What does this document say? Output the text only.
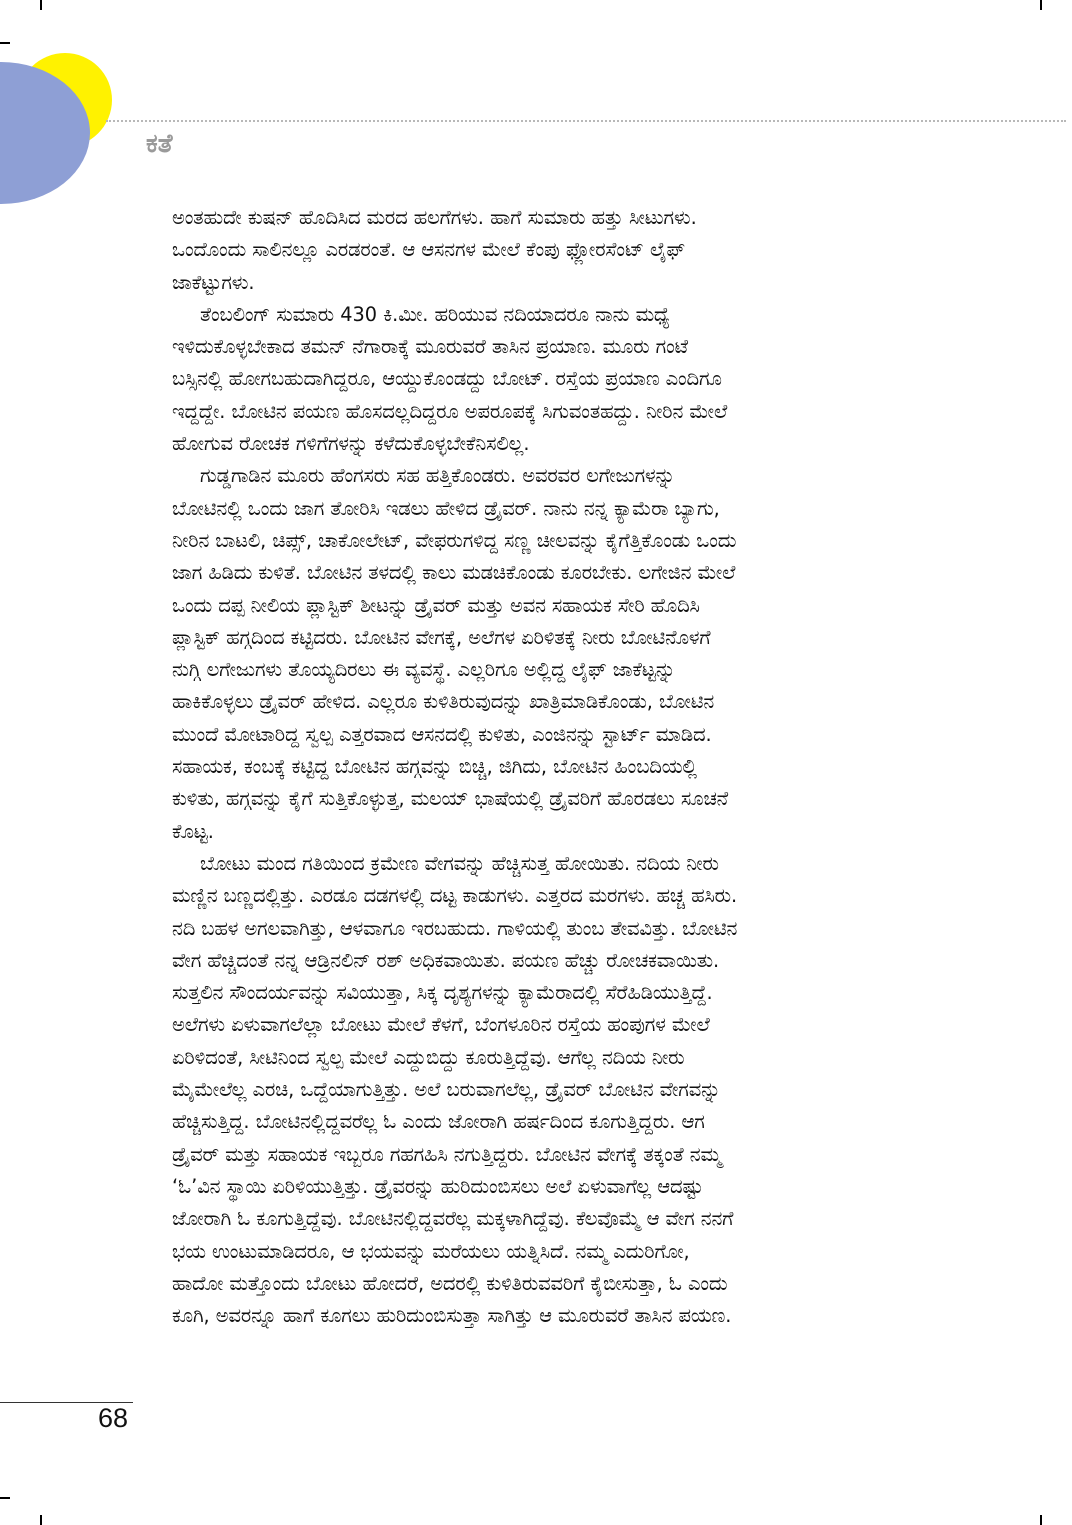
ಕತೆ
ಅಂತಹುದೇ ಕುಷನ್ ಹೊದಿಸಿದ ಮರದ ಹಲಗೆಗಳು. ಹಾಗೆ ಸುಮಾರು ಹತ್ತು ಸೀಟುಗಳು.
ಒಂದೊಂದು ಸಾಲಿನಲ್ಲೂ ಎರಡರಂತೆ. ಆ ಆಸನಗಳ ಮೇಲೆ ಕೆಂಪು ಫ್ಲೋರಸೆಂಟ್ ಲೈಫ್
ಜಾಕೆಟ್ಟುಗಳು.
ತೆಂಬಲಿಂಗ್ ಸುಮಾರು 430 ಕಿ.ಮೀ. ಹರಿಯುವ ನದಿಯಾದರೂ ನಾನು ಮಧ್ಯೆ
ಇಳಿದುಕೊಳ್ಳಬೇಕಾದ ತಮನ್ ನೆಗಾರಾಕ್ಕೆ ಮೂರುವರೆ ತಾಸಿನ ಪ್ರಯಾಣ. ಮೂರು ಗಂಟೆ
ಬಸ್ಸಿನಲ್ಲಿ ಹೋಗಬಹುದಾಗಿದ್ದರೂ, ಆಯ್ದುಕೊಂಡದ್ದು ಬೋಟ್. ರಸ್ತೆಯ ಪ್ರಯಾಣ ಎಂದಿಗೂ
ಇದ್ದದ್ದೇ. ಬೋಟಿನ ಪಯಣ ಹೊಸದಲ್ಲದಿದ್ದರೂ ಅಪರೂಪಕ್ಕೆ ಸಿಗುವಂತಹದ್ದು. ನೀರಿನ ಮೇಲೆ
ಹೋಗುವ ರೋಚಕ ಗಳಿಗೆಗಳನ್ನು ಕಳೆದುಕೊಳ್ಳಬೇಕೆನಿಸಲಿಲ್ಲ.
ಗುಡ್ಡಗಾಡಿನ ಮೂರು ಹೆಂಗಸರು ಸಹ ಹತ್ತಿಕೊಂಡರು. ಅವರವರ ಲಗೇಜುಗಳನ್ನು
ಬೋಟಿನಲ್ಲಿ ಒಂದು ಜಾಗ ತೋರಿಸಿ ಇಡಲು ಹೇಳಿದ ಡ್ರೈವರ್. ನಾನು ನನ್ನ ಕ್ಯಾಮೆರಾ ಬ್ಯಾಗು,
ನೀರಿನ ಬಾಟಲಿ, ಚಿಪ್ಸ್, ಚಾಕೋಲೇಟ್, ವೇಫರುಗಳಿದ್ದ ಸಣ್ಣ ಚೀಲವನ್ನು ಕೈಗೆತ್ತಿಕೊಂಡು ಒಂದು
ಜಾಗ ಹಿಡಿದು ಕುಳಿತೆ. ಬೋಟಿನ ತಳದಲ್ಲಿ ಕಾಲು ಮಡಚಿಕೊಂಡು ಕೂರಬೇಕು. ಲಗೇಜಿನ ಮೇಲೆ
ಒಂದು ದಪ್ಪ ನೀಲಿಯ ಪ್ಲಾಸ್ಟಿಕ್ ಶೀಟನ್ನು ಡ್ರೈವರ್ ಮತ್ತು ಅವನ ಸಹಾಯಕ ಸೇರಿ ಹೊದಿಸಿ
ಪ್ಲಾಸ್ಟಿಕ್ ಹಗ್ಗದಿಂದ ಕಟ್ಟಿದರು. ಬೋಟಿನ ವೇಗಕ್ಕೆ, ಅಲೆಗಳ ಏರಿಳಿತಕ್ಕೆ ನೀರು ಬೋಟಿನೊಳಗೆ
ನುಗ್ಗಿ ಲಗೇಜುಗಳು ತೊಯ್ಯದಿರಲು ಈ ವ್ಯವಸ್ಥೆ. ಎಲ್ಲರಿಗೂ ಅಲ್ಲಿದ್ದ ಲೈಫ್ ಜಾಕೆಟ್ಟನ್ನು
ಹಾಕಿಕೊಳ್ಳಲು ಡ್ರೈವರ್ ಹೇಳಿದ. ಎಲ್ಲರೂ ಕುಳಿತಿರುವುದನ್ನು ಖಾತ್ರಿಮಾಡಿಕೊಂಡು, ಬೋಟಿನ
ಮುಂದೆ ಮೋಟಾರಿದ್ದ ಸ್ವಲ್ಪ ಎತ್ತರವಾದ ಆಸನದಲ್ಲಿ ಕುಳಿತು, ಎಂಜಿನನ್ನು ಸ್ಟಾರ್ಟ್ ಮಾಡಿದ.
ಸಹಾಯಕ, ಕಂಬಕ್ಕೆ ಕಟ್ಟಿದ್ದ ಬೋಟಿನ ಹಗ್ಗವನ್ನು ಬಿಚ್ಚಿ, ಜಿಗಿದು, ಬೋಟಿನ ಹಿಂಬದಿಯಲ್ಲಿ
ಕುಳಿತು, ಹಗ್ಗವನ್ನು ಕೈಗೆ ಸುತ್ತಿಕೊಳ್ಳುತ್ತ, ಮಲಯ್ ಭಾಷೆಯಲ್ಲಿ ಡ್ರೈವರಿಗೆ ಹೊರಡಲು ಸೂಚನೆ
ಕೊಟ್ಟ.
ಬೋಟು ಮಂದ ಗತಿಯಿಂದ ಕ್ರಮೇಣ ವೇಗವನ್ನು ಹೆಚ್ಚಿಸುತ್ತ ಹೋಯಿತು. ನದಿಯ ನೀರು
ಮಣ್ಣಿನ ಬಣ್ಣದಲ್ಲಿತ್ತು. ಎರಡೂ ದಡಗಳಲ್ಲಿ ದಟ್ಟ ಕಾಡುಗಳು. ಎತ್ತರದ ಮರಗಳು. ಹಚ್ಚ ಹಸಿರು.
ನದಿ ಬಹಳ ಅಗಲವಾಗಿತ್ತು, ಆಳವಾಗೂ ಇರಬಹುದು. ಗಾಳಿಯಲ್ಲಿ ತುಂಬ ತೇವವಿತ್ತು. ಬೋಟಿನ
ವೇಗ ಹೆಚ್ಚಿದಂತೆ ನನ್ನ ಆಡ್ರಿನಲಿನ್ ರಶ್ ಅಧಿಕವಾಯಿತು. ಪಯಣ ಹೆಚ್ಚು ರೋಚಕವಾಯಿತು.
ಸುತ್ತಲಿನ ಸೌಂದರ್ಯವನ್ನು ಸವಿಯುತ್ತಾ, ಸಿಕ್ಕ ದೃಶ್ಯಗಳನ್ನು ಕ್ಯಾಮೆರಾದಲ್ಲಿ ಸೆರೆಹಿಡಿಯುತ್ತಿದ್ದೆ.
ಅಲೆಗಳು ಏಳುವಾಗಲೆಲ್ಲಾ ಬೋಟು ಮೇಲೆ ಕೆಳಗೆ, ಬೆಂಗಳೂರಿನ ರಸ್ತೆಯ ಹಂಪುಗಳ ಮೇಲೆ
ಏರಿಳಿದಂತೆ, ಸೀಟಿನಿಂದ ಸ್ವಲ್ಪ ಮೇಲೆ ಎದ್ದುಬಿದ್ದು ಕೂರುತ್ತಿದ್ದೆವು. ಆಗೆಲ್ಲ ನದಿಯ ನೀರು
ಮೈಮೇಲೆಲ್ಲ ಎರಚಿ, ಒದ್ದೆಯಾಗುತ್ತಿತ್ತು. ಅಲೆ ಬರುವಾಗಲೆಲ್ಲ, ಡ್ರೈವರ್ ಬೋಟಿನ ವೇಗವನ್ನು
ಹೆಚ್ಚಿಸುತ್ತಿದ್ದ. ಬೋಟಿನಲ್ಲಿದ್ದವರೆಲ್ಲ ಓ ಎಂದು ಜೋರಾಗಿ ಹರ್ಷದಿಂದ ಕೂಗುತ್ತಿದ್ದರು. ಆಗ
ಡ್ರೈವರ್ ಮತ್ತು ಸಹಾಯಕ ಇಬ್ಬರೂ ಗಹಗಹಿಸಿ ನಗುತ್ತಿದ್ದರು. ಬೋಟಿನ ವೇಗಕ್ಕೆ ತಕ್ಕಂತೆ ನಮ್ಮ
‘ಓ’ವಿನ ಸ್ಥಾಯಿ ಏರಿಳಿಯುತ್ತಿತ್ತು. ಡ್ರೈವರನ್ನು ಹುರಿದುಂಬಿಸಲು ಅಲೆ ಏಳುವಾಗೆಲ್ಲ ಆದಷ್ಟು
ಜೋರಾಗಿ ಓ ಕೂಗುತ್ತಿದ್ದೆವು. ಬೋಟಿನಲ್ಲಿದ್ದವರೆಲ್ಲ ಮಕ್ಕಳಾಗಿದ್ದೆವು. ಕೆಲವೊಮ್ಮೆ ಆ ವೇಗ ನನಗೆ
ಭಯ ಉಂಟುಮಾಡಿದರೂ, ಆ ಭಯವನ್ನು ಮರೆಯಲು ಯತ್ನಿಸಿದೆ. ನಮ್ಮ ಎದುರಿಗೋ,
ಹಾದೋ ಮತ್ತೊಂದು ಬೋಟು ಹೋದರೆ, ಅದರಲ್ಲಿ ಕುಳಿತಿರುವವರಿಗೆ ಕೈಬೀಸುತ್ತಾ, ಓ ಎಂದು
ಕೂಗಿ, ಅವರನ್ನೂ ಹಾಗೆ ಕೂಗಲು ಹುರಿದುಂಬಿಸುತ್ತಾ ಸಾಗಿತ್ತು ಆ ಮೂರುವರೆ ತಾಸಿನ ಪಯಣ.
68
